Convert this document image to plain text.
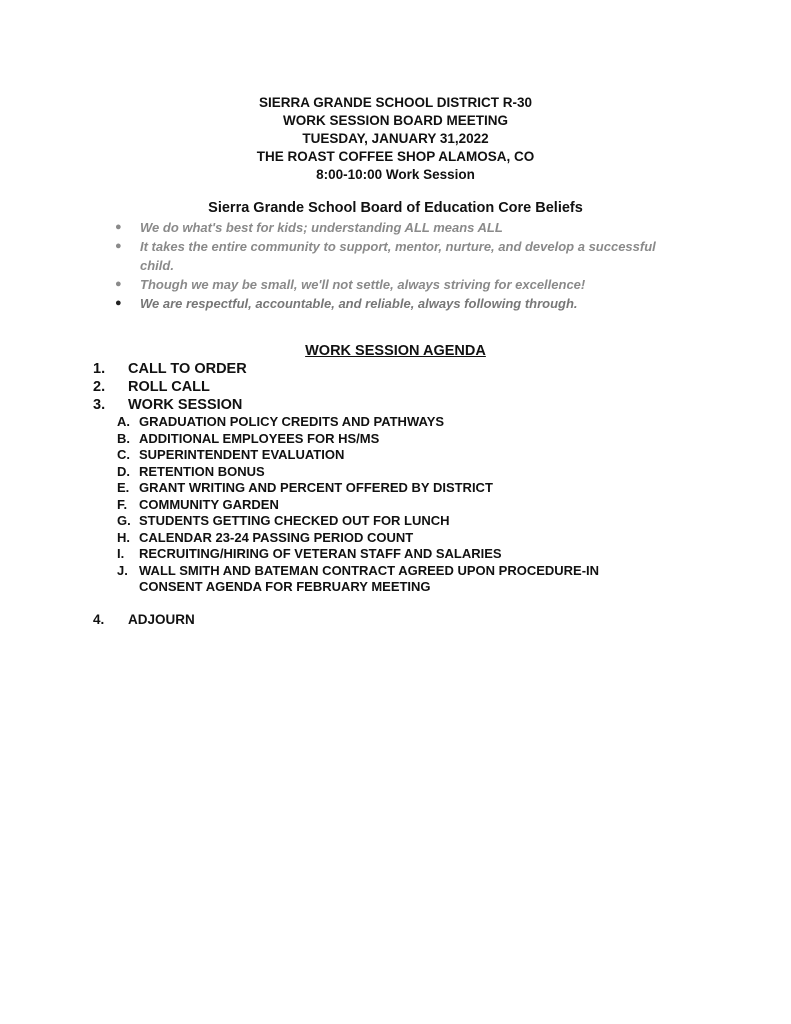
SIERRA GRANDE SCHOOL DISTRICT R-30
WORK SESSION BOARD MEETING
TUESDAY, JANUARY 31,2022
THE ROAST COFFEE SHOP ALAMOSA, CO
8:00-10:00 Work Session
Sierra Grande School Board of Education Core Beliefs
● We do what's best for kids; understanding ALL means ALL
● It takes the entire community to support, mentor, nurture, and develop a successful child.
● Though we may be small, we'll not settle, always striving for excellence!
● We are respectful, accountable, and reliable, always following through.
WORK SESSION AGENDA
1. CALL TO ORDER
2. ROLL CALL
3. WORK SESSION
A. GRADUATION POLICY CREDITS AND PATHWAYS
B. ADDITIONAL EMPLOYEES FOR HS/MS
C. SUPERINTENDENT EVALUATION
D. RETENTION BONUS
E. GRANT WRITING AND PERCENT OFFERED BY DISTRICT
F. COMMUNITY GARDEN
G. STUDENTS GETTING CHECKED OUT FOR LUNCH
H. CALENDAR 23-24 PASSING PERIOD COUNT
I. RECRUITING/HIRING OF VETERAN STAFF AND SALARIES
J. WALL SMITH AND BATEMAN CONTRACT AGREED UPON PROCEDURE-IN
CONSENT AGENDA FOR FEBRUARY MEETING
4. ADJOURN
